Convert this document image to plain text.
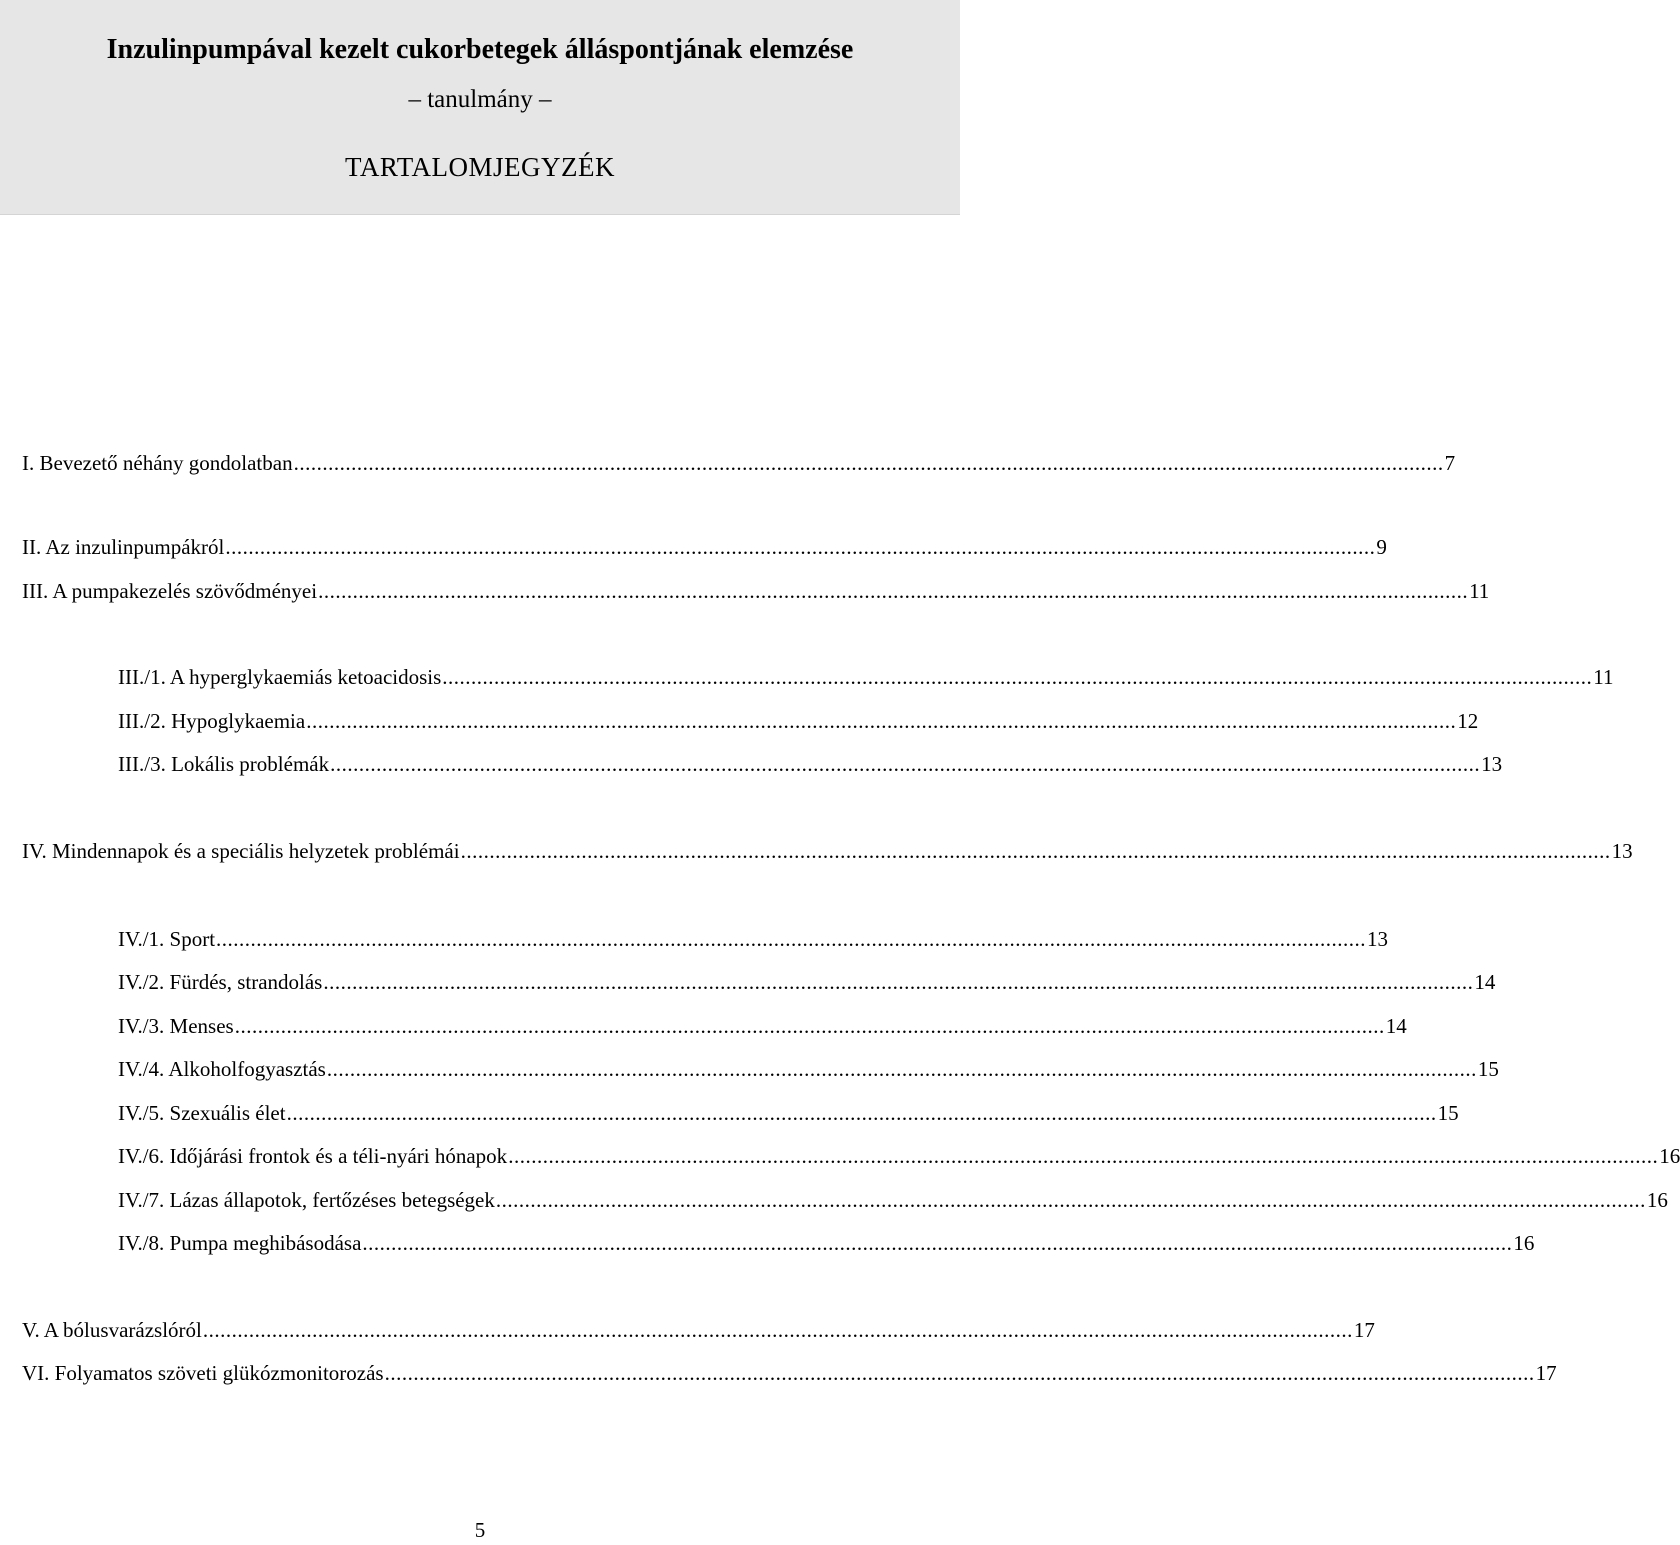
Inzulinpumpával kezelt cukorbetegek álláspontjának elemzése
– tanulmány –
TARTALOMJEGYZÉK
I. Bevezető néhány gondolatban ........................................................................................................................................................................................................ 7
II. Az inzulinpumpákról ........................................................................................................................................................................................................ 9
III. A pumpakezelés szövődményei ........................................................................................................................................................................................................ 11
III./1. A hyperglykaemiás ketoacidosis ........................................................................................................................................................................................................ 11
III./2. Hypoglykaemia ........................................................................................................................................................................................................ 12
III./3. Lokális problémák ........................................................................................................................................................................................................ 13
IV. Mindennapok és a speciális helyzetek problémái ........................................................................................................................................................................................................ 13
IV./1. Sport ........................................................................................................................................................................................................ 13
IV./2. Fürdés, strandolás ........................................................................................................................................................................................................ 14
IV./3. Menses ........................................................................................................................................................................................................ 14
IV./4. Alkoholfogyasztás ........................................................................................................................................................................................................ 15
IV./5. Szexuális élet ........................................................................................................................................................................................................ 15
IV./6. Időjárási frontok és a téli-nyári hónapok ........................................................................................................................................................................................................ 16
IV./7. Lázas állapotok, fertőzéses betegségek ........................................................................................................................................................................................................ 16
IV./8. Pumpa meghibásodása ........................................................................................................................................................................................................ 16
V. A bólusvarázslóról ........................................................................................................................................................................................................ 17
VI. Folyamatos szöveti glükózmonitorozás ........................................................................................................................................................................................................ 17
5
